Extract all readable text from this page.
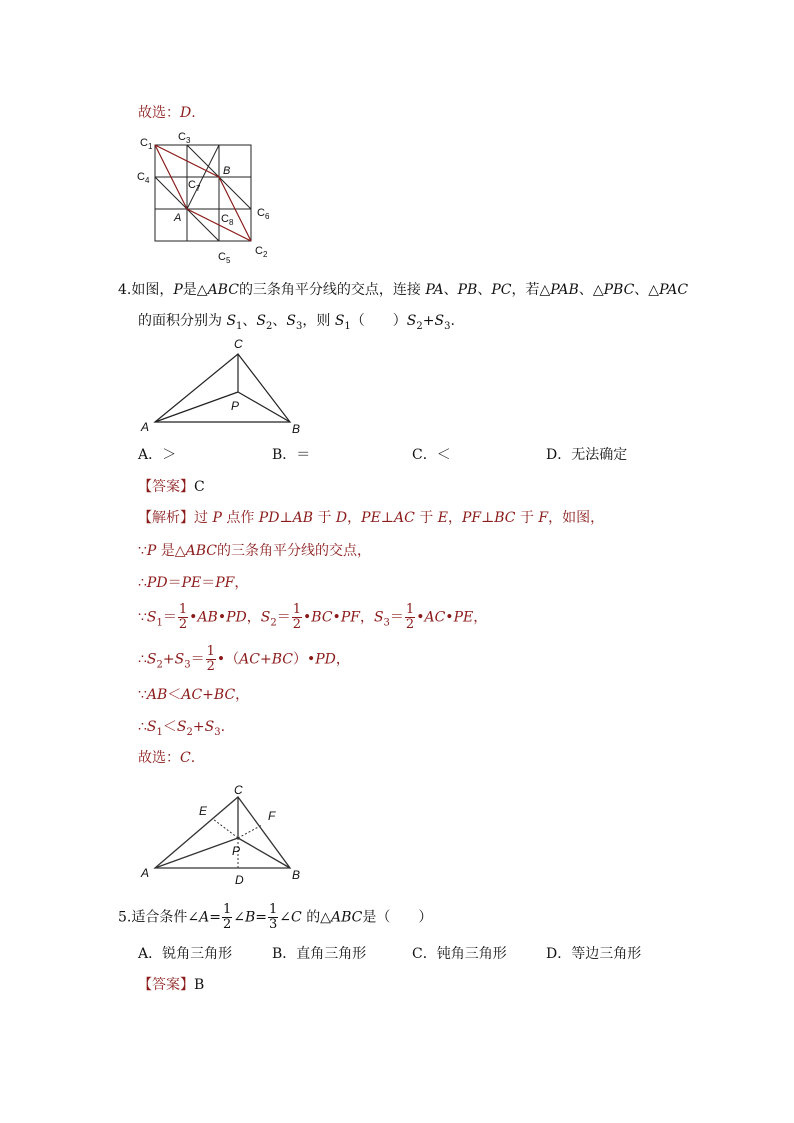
故选：D.
$C_1$
$C_3$
$C_4$	$C_7$
B
A	$C_8$
$C_6$
$C_5$
$C_2$
4.如图，P是△ABC的三条角平分线的交点，连接 PA、PB、PC，若△PAB、△PBC、△PAC
的面积分别为 $S_1$、$S_2$、$S_3$，则 $S_1$（　　）$S_2+S_3$.
C
P
A	B
A．＞	B．＝	C．＜	D．无法确定
【答案】C
【解析】过 P 点作 PD⊥AB 于 D，PE⊥AC 于 E，PF⊥BC 于 F，如图，
∵P 是△ABC的三条角平分线的交点，
∴PD＝PE＝PF，
$\because S_1= \frac{1}{2}$ •AB•PD，$S_2= \frac{1}{2}$ •BC•PF，$S_3= \frac{1}{2}$ •AC•PE，
$\therefore S_2+S_3= \frac{1}{2}$ •（AC+BC）•PD，
∵AB＜AC+BC，
$\therefore S_1<S_2+S_3$.
故选：C.
C
E	F
P
A	D	B
5.适合条件∠A= $\frac{1}{2}$ ∠B= $\frac{1}{3}$ ∠C 的△ABC是（　　）
A．锐角三角形	B．直角三角形	C．钝角三角形	D．等边三角形
【答案】B
